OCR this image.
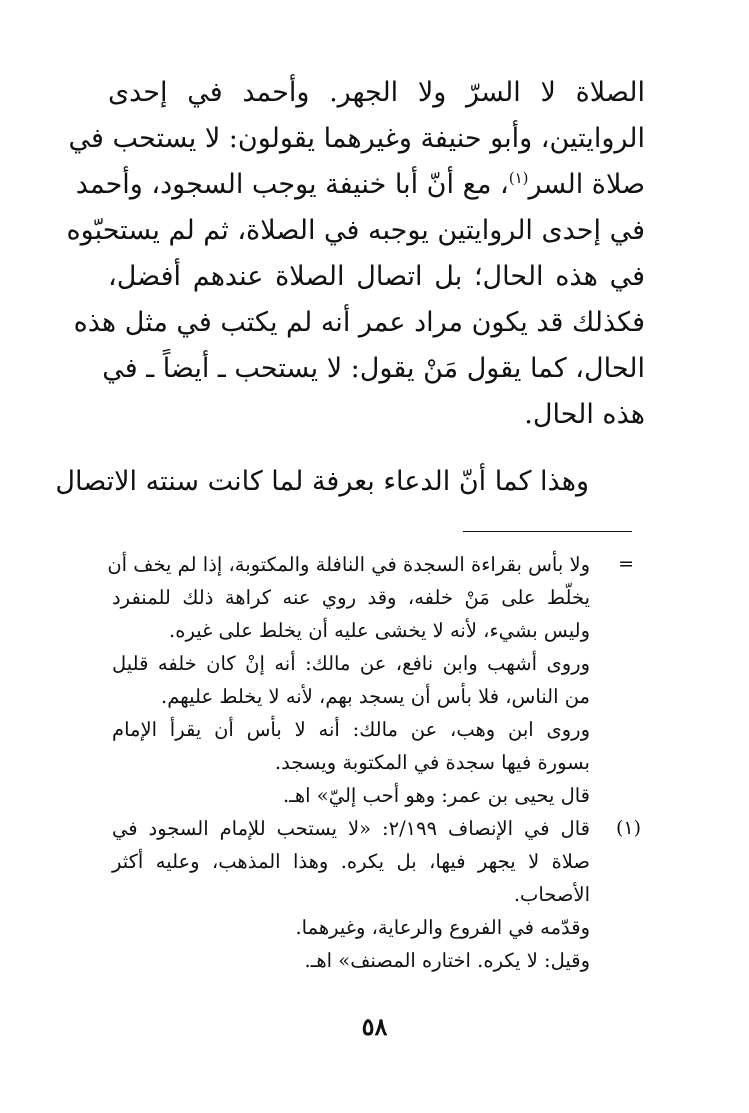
الصلاة لا السرّ ولا الجهر. وأحمد في إحدى
الروايتين، وأبو حنيفة وغيرهما يقولون: لا يستحب في
صلاة السر$^{(١)}$، مع أنّ أبا خنيفة يوجب السجود، وأحمد
في إحدى الروايتين يوجبه في الصلاة، ثم لم يستحبّوه
في هذه الحال؛ بل اتصال الصلاة عندهم أفضل،
فكذلك قد يكون مراد عمر أنه لم يكتب في مثل هذه
الحال، كما يقول مَنْ يقول: لا يستحب ـ أيضاً ـ في
هذه الحال.
وهذا كما أنّ الدعاء بعرفة لما كانت سنته الاتصال
=
(١)
ولا بأس بقراءة السجدة في النافلة والمكتوبة، إذا لم يخف أن
يخلّط على مَنْ خلفه، وقد روي عنه كراهة ذلك للمنفرد
وليس بشيء، لأنه لا يخشى عليه أن يخلط على غيره.
وروى أشهب وابن نافع، عن مالك: أنه إنْ كان خلفه قليل
من الناس، فلا بأس أن يسجد بهم، لأنه لا يخلط عليهم.
وروى ابن وهب، عن مالك: أنه لا بأس أن يقرأ الإمام
بسورة فيها سجدة في المكتوبة ويسجد.
قال يحيى بن عمر: وهو أحب إليّ» اهـ.
قال في الإنصاف ٢/١٩٩: «لا يستحب للإمام السجود في
صلاة لا يجهر فيها، بل يكره. وهذا المذهب، وعليه أكثر
الأصحاب.
وقدّمه في الفروع والرعاية، وغيرهما.
وقيل: لا يكره. اختاره المصنف» اهـ.
٥٨
